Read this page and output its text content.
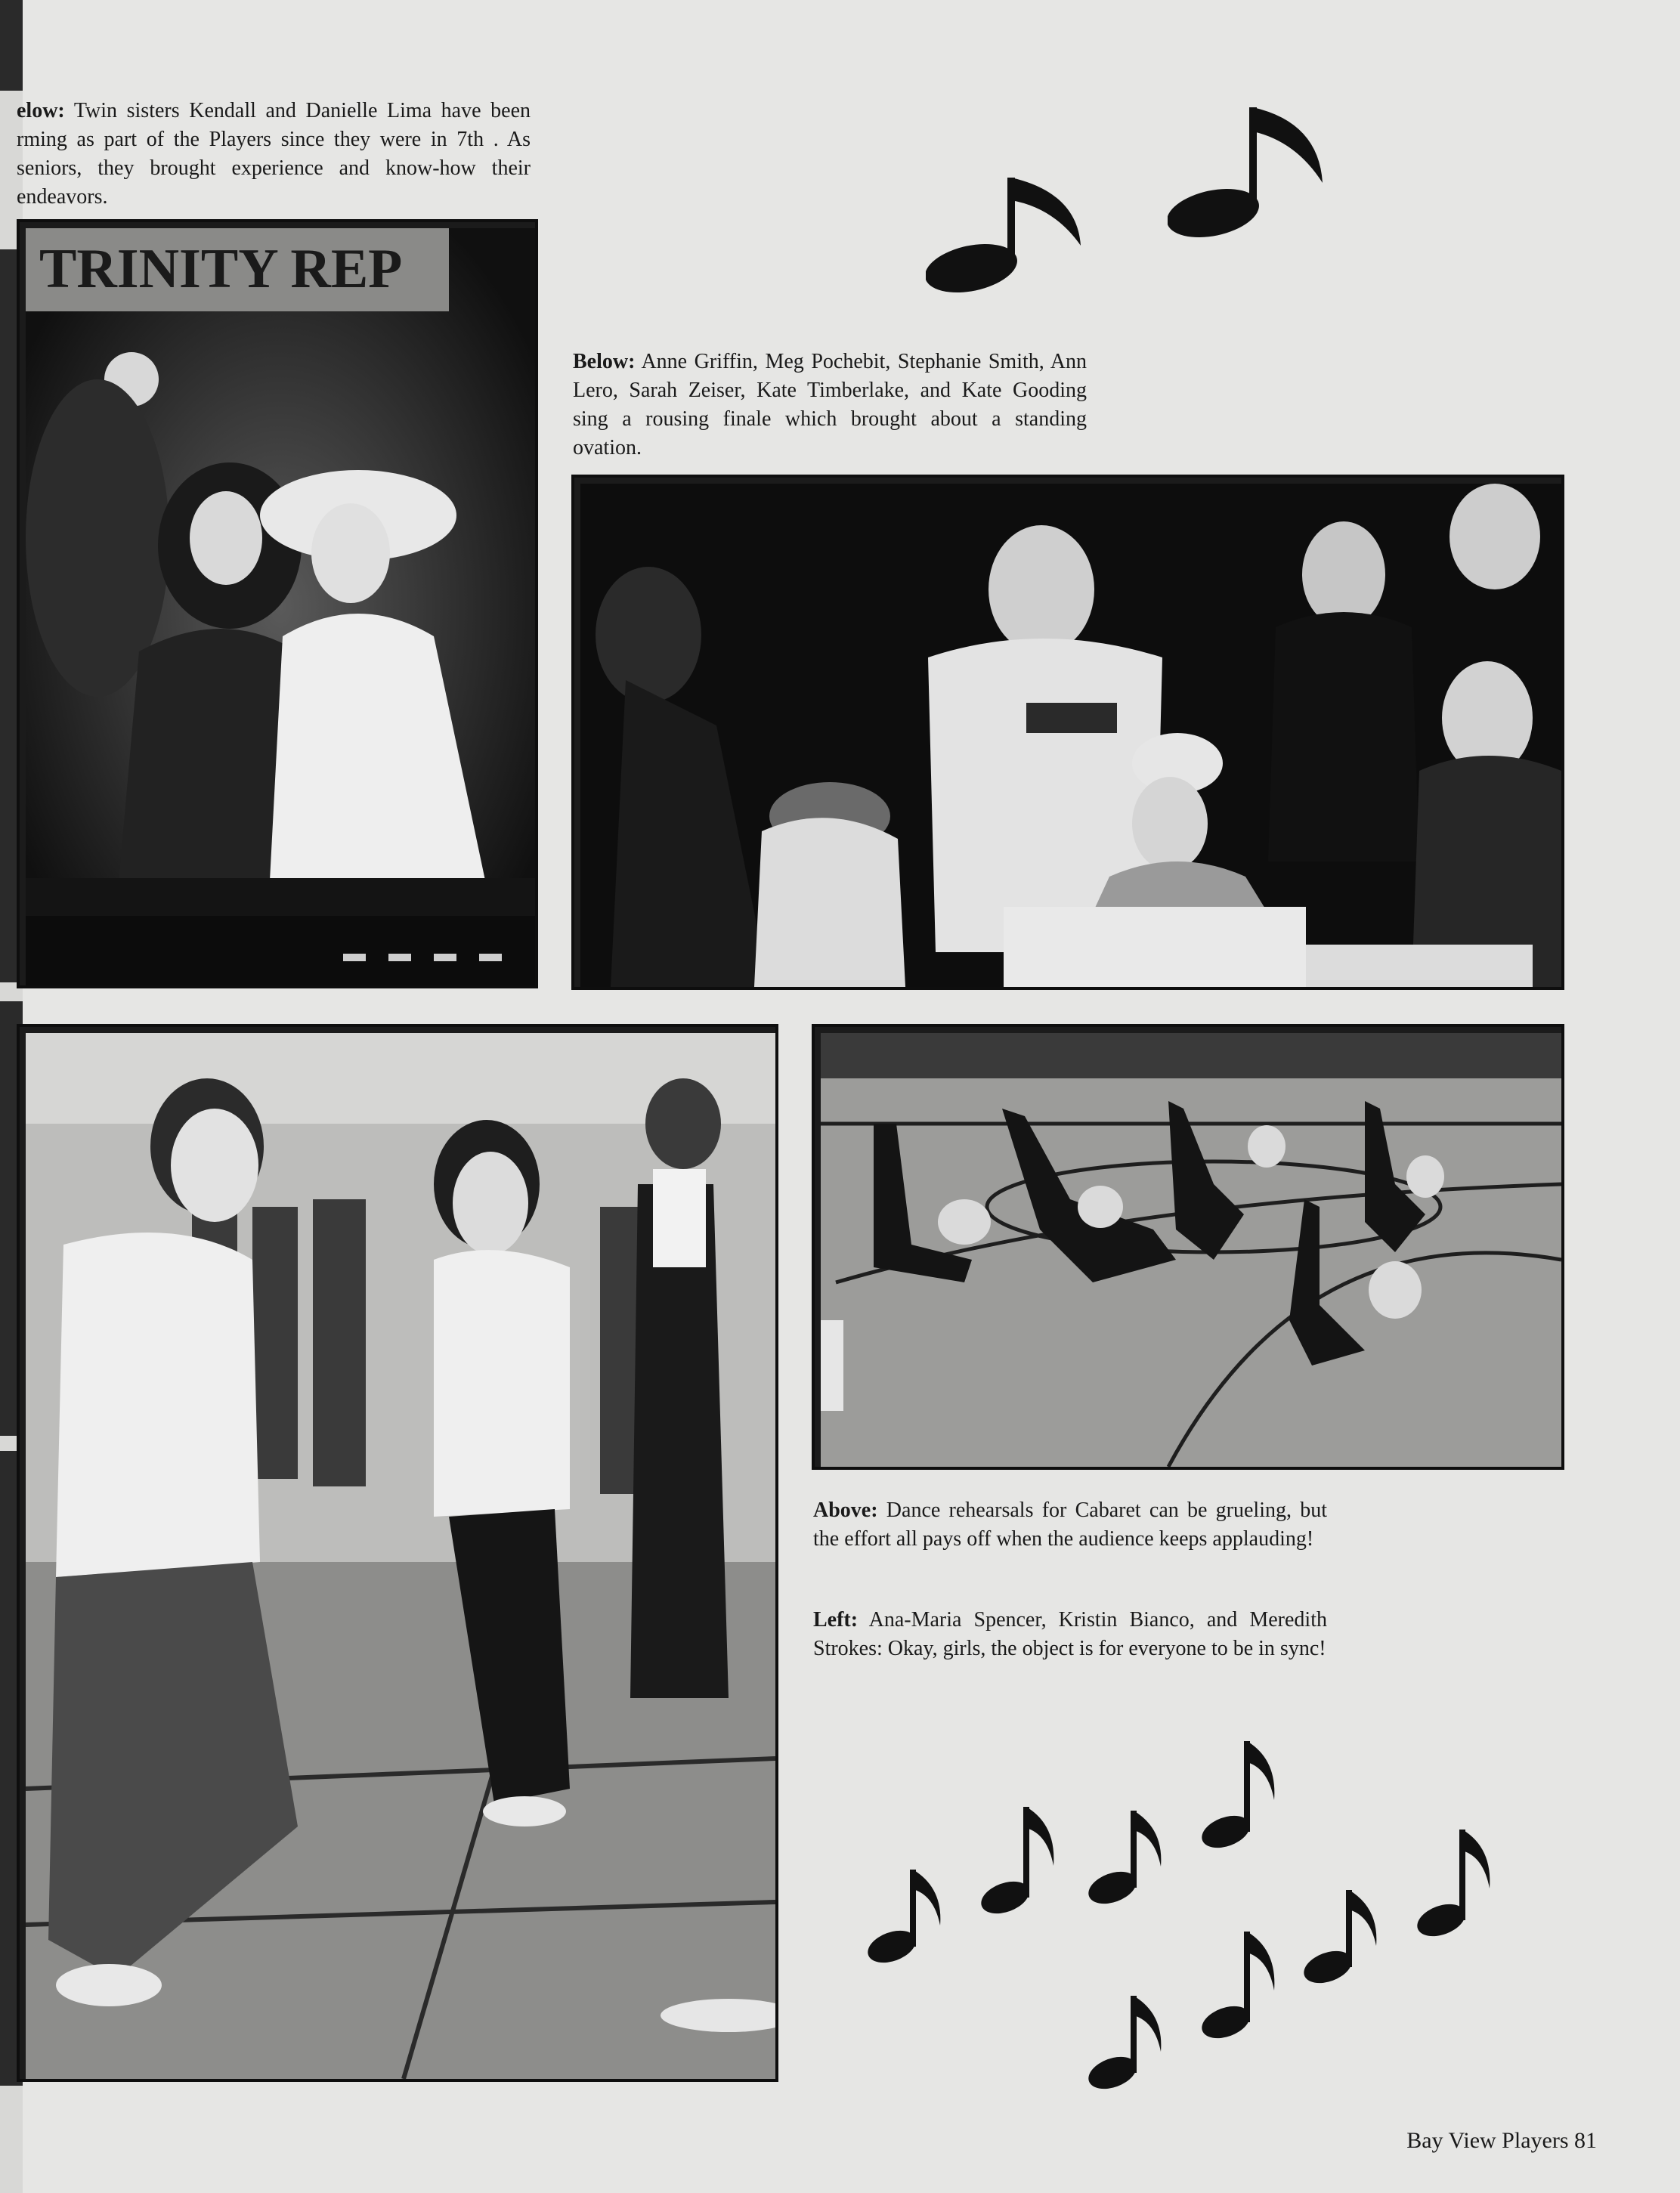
elow: Twin sisters Kendall and Danielle Lima have been rming as part of the Players since they were in 7th . As seniors, they brought experience and know-how their endeavors.
TRINITY REP
Below: Anne Griffin, Meg Pochebit, Stephanie Smith, Ann Lero, Sarah Zeiser, Kate Timberlake, and Kate Gooding sing a rousing finale which brought about a standing ovation.
Above: Dance rehearsals for Cabaret can be grueling, but the effort all pays off when the audience keeps applauding!
Left: Ana-Maria Spencer, Kristin Bianco, and Meredith Strokes: Okay, girls, the object is for everyone to be in sync!
Bay View Players 81
